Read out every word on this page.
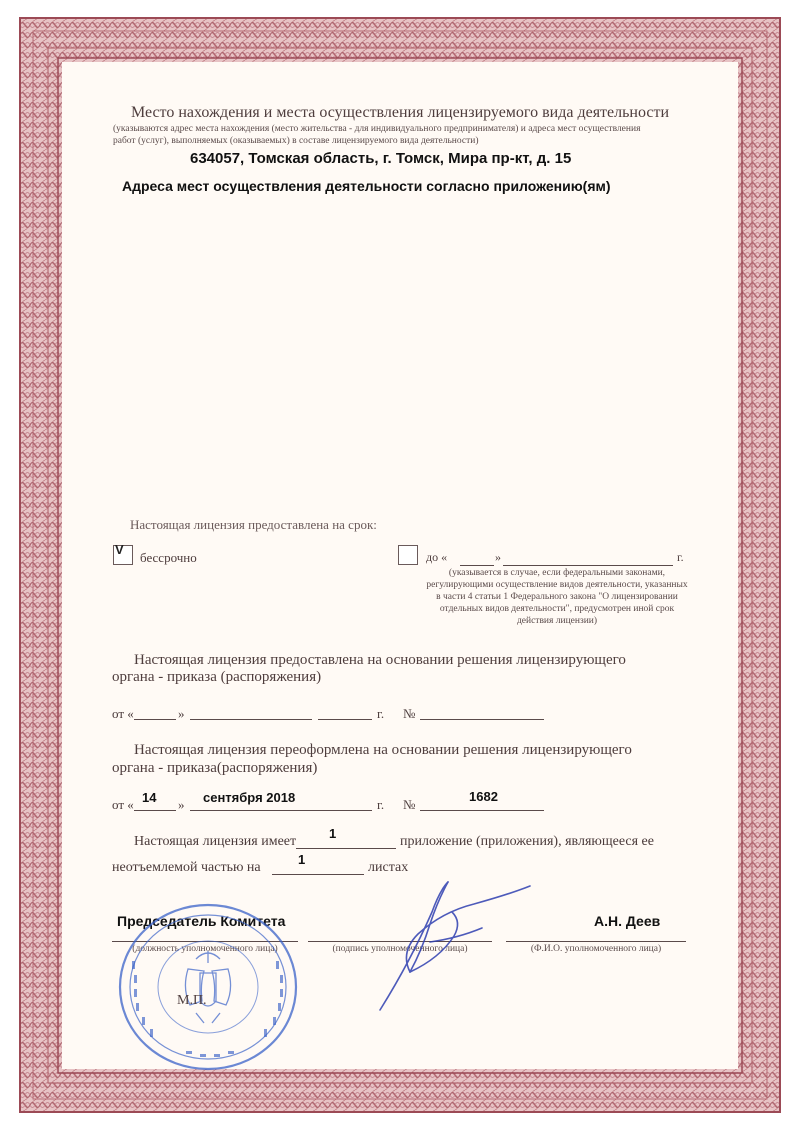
Место нахождения и места осуществления лицензируемого вида деятельности
(указываются адрес места нахождения (место жительства - для индивидуального предпринимателя) и адреса мест осуществления
работ (услуг), выполняемых (оказываемых) в составе лицензируемого вида деятельности)
634057, Томская область, г. Томск, Мира пр-кт, д. 15
Адреса мест осуществления деятельности согласно приложению(ям)
Настоящая лицензия предоставлена на срок:
V
бессрочно	до «	»	г.
(указывается в случае, если федеральными законами, регулирующими осуществление видов деятельности, указанных в части 4 статьи 1 Федерального закона "О лицензировании отдельных видов деятельности", предусмотрен иной срок действия лицензии)
Настоящая лицензия предоставлена на основании решения лицензирующего
органа - приказа (распоряжения)
от «	»	г. №
Настоящая лицензия переоформлена на основании решения лицензирующего
органа - приказа(распоряжения)
от « 14 » сентября 2018	г. №
1682
Настоящая лицензия имеет
1
приложение (приложения), являющееся ее
неотъемлемой частью на
1
листах
Председатель Комитета	А.Н. Деев
(должность уполномоченного лица)	(подпись уполномоченного лица)	(Ф.И.О. уполномоченного лица)
М.П.
